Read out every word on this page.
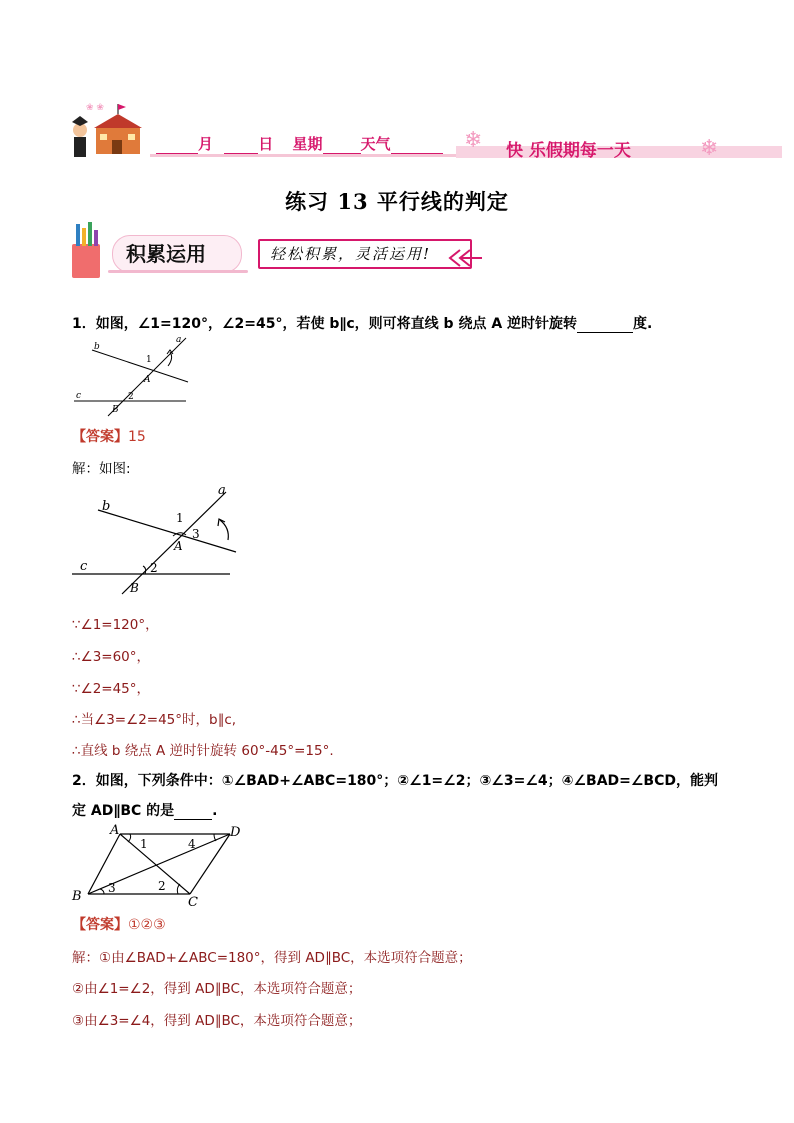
❀ ❀
月	日 星期	天气	❄ 快 乐假期每一天	❄
练习 13 平行线的判定
积累运用	轻松积累，灵活运用!
1．如图，∠1=120°，∠2=45°，若使 b∥c，则可将直线 b 绕点 A 逆时针旋转	度.
b
a
c
1
A
2
B
【答案】15
解：如图:
b
a
c
1
3
A
2
B
∵∠1=120°，
∴∠3=60°，
∵∠2=45°，
∴当∠3=∠2=45°时，b∥c,
∴直线 b 绕点 A 逆时针旋转 60°-45°=15°.
2．如图，下列条件中：①∠BAD+∠ABC=180°；②∠1=∠2；③∠3=∠4；④∠BAD=∠BCD，能判
定 AD∥BC 的是	.
A	D
B	C
1	4
3	2
【答案】①②③
解：①由∠BAD+∠ABC=180°，得到 AD∥BC，本选项符合题意；
②由∠1=∠2，得到 AD∥BC，本选项符合题意；
③由∠3=∠4，得到 AD∥BC，本选项符合题意；
